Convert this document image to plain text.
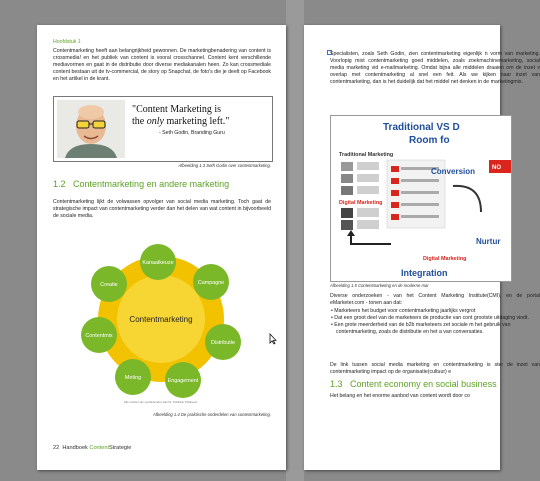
Hoofdstuk 1
Contentmarketing heeft aan belangrijkheid gewonnen. De marketingbenadering van content is crossmedia! en het publiek van content is vooral crosschannel. Content kent verschillende mediavormen en gaat in de distributie door diverse mediakanalen heen. Zo kan crossmediale content bestaan uit de tv-commercial, de story op Snapchat, de foto's die je deelt op Facebook en het artikel in de krant.
"Content Marketing is
the only marketing left."
- Seth Godin, Branding Guru
Afbeelding 1.3 Seth Godin over contentmarketing.
1.2 Contentmarketing en andere marketing
Contentmarketing lijkt de volwassen opvolger van social media marketing. Toch gaat de strategische impact van contentmarketing verder dan het delen van wat content in bijvoorbeeld de sociale media.
Contentmarketing
Kanaalkeuze
Campagne
Distributie
Engagement
Meting
Contentmix
Creatie
Alle rechten zijn voorbehouden aan Dr. Publicitie Publiceert.
Afbeelding 1.4 De praktische onderdelen van contentmarketing.
22 Handboek ContentStrategie
Specialisten, zoals Seth Godin, zien contentmarketing eigenlijk n vorm van marketing. Voorlopig mixt contentmarketing goed middelen, zoals zoekmachinemarketing, social media marketing vid e-mailmarketing. Omdat bijna alle middelen draaien om de inzet v overlap met contentmarketing al snel een feit. Als we kijken naar inzet van contentmarketing, dan is het duidelijk dat het middel net denken in de marketingmix.
Traditional VS D
Room fo
Traditional Marketing
Digital Marketing
Conversion	NO
Nurtur
Digital Marketing
Integration
Afbeelding 1.5 Contentmarketing en de moderne mar
Diverse onderzoeken - van het Content Marketing Institute(CMI), en de portal eMarketer.com - tonen aan dat:
• Marketeers het budget voor contentmarketing jaarlijks vergrot
• Dat een groot deel van de marketeers de productie van cont grootste uitdaging vindt.
• Een grote meerderheid van de b2b marketeers zet sociale m het gebruik van contentmarketing, zoals de distributie en het a van conversaties.
De link tussen social media marketing en contentmarketing is ster de inzet van contentmarketing impact op de organisatie(cultuur) e
1.3 Content economy en social business
Het belang en het enorme aanbod van content wordt door co
